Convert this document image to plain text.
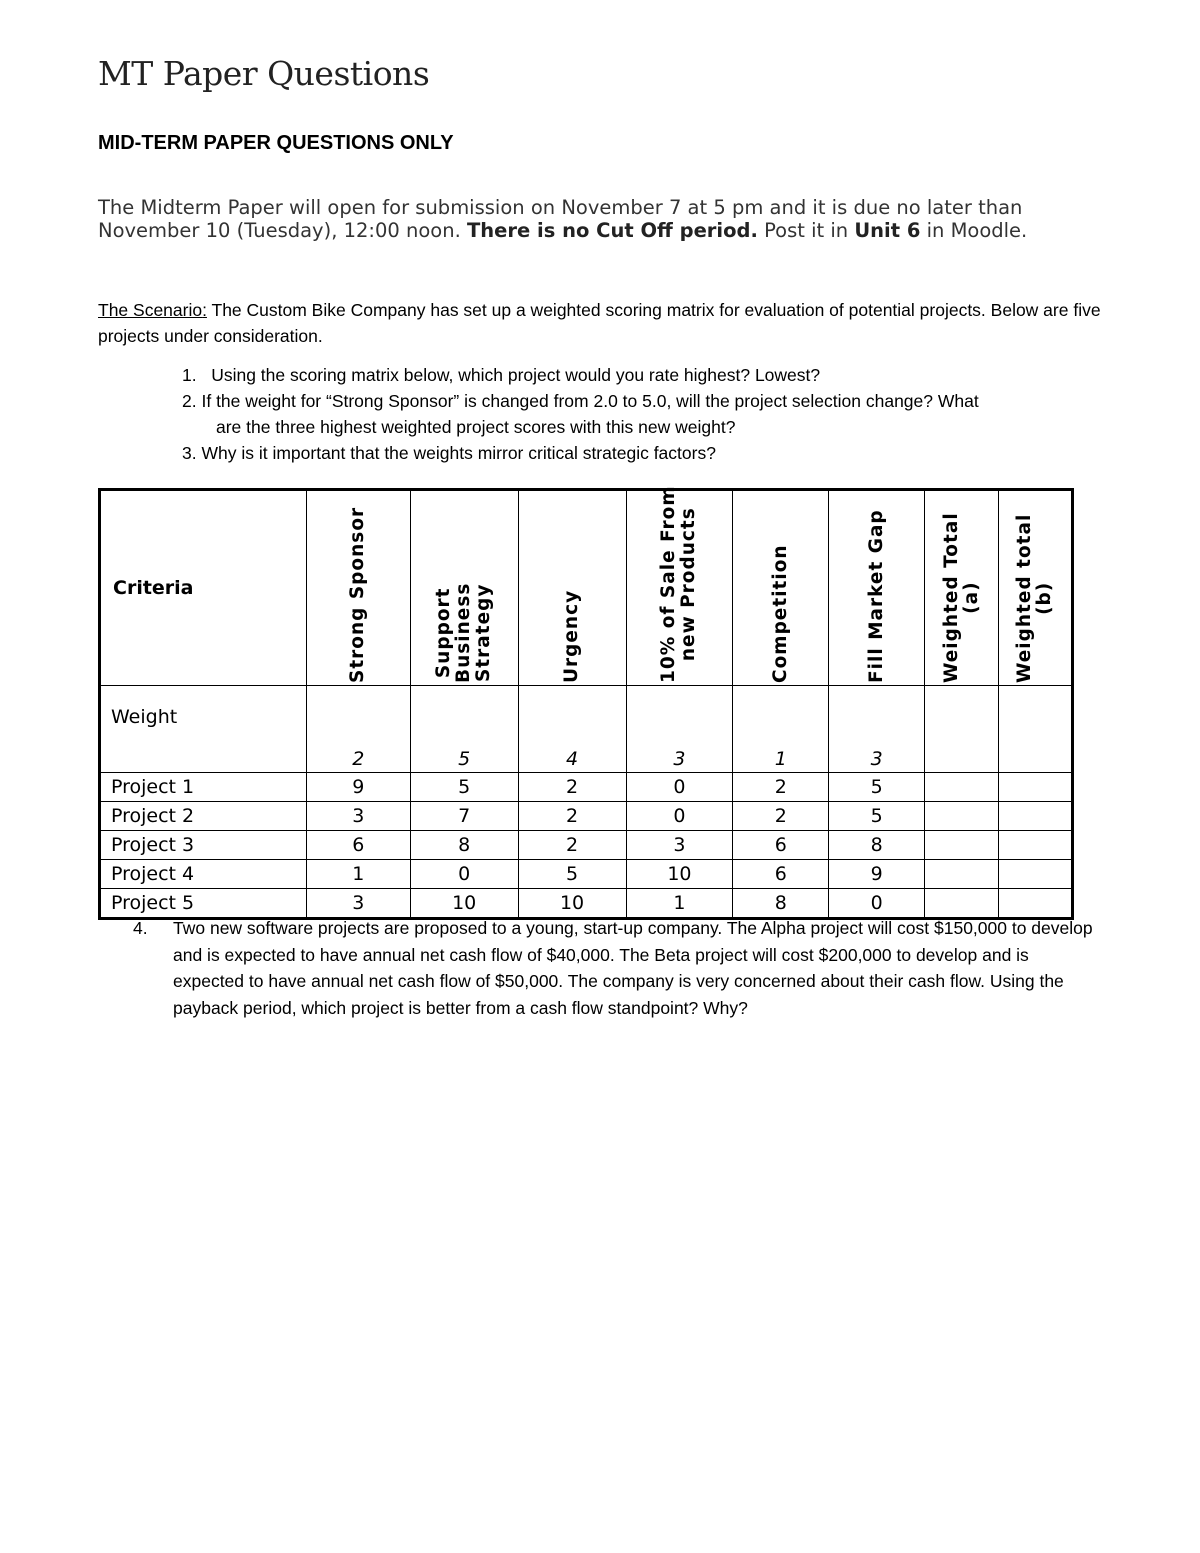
MT Paper Questions
MID-TERM PAPER QUESTIONS ONLY
The Midterm Paper will open for submission on November 7 at 5 pm and it is due no later than November 10 (Tuesday), 12:00 noon. There is no Cut Off period. Post it in Unit 6 in Moodle.
The Scenario: The Custom Bike Company has set up a weighted scoring matrix for evaluation of potential projects. Below are five projects under consideration.
1. Using the scoring matrix below, which project would you rate highest? Lowest?
2. If the weight for “Strong Sponsor” is changed from 2.0 to 5.0, will the project selection change? What
are the three highest weighted project scores with this new weight?
3. Why is it important that the weights mirror critical strategic factors?
Criteria	Strong Sponsor	Support
Business
Strategy	Urgency	10% of Sale From
new Products	Competition	Fill Market Gap	Weighted Total
(a)	Weighted total
(b)

Weight	2	5	4	3	1	3		
Project 1	9	5	2	0	2	5		
Project 2	3	7	2	0	2	5		
Project 3	6	8	2	3	6	8		
Project 4	1	0	5	10	6	9		
Project 5	3	10	10	1	8	0		
4. Two new software projects are proposed to a young, start-up company. The Alpha project will cost $150,000 to develop and is expected to have annual net cash flow of $40,000. The Beta project will cost $200,000 to develop and is expected to have annual net cash flow of $50,000. The company is very concerned about their cash flow. Using the payback period, which project is better from a cash flow standpoint? Why?
